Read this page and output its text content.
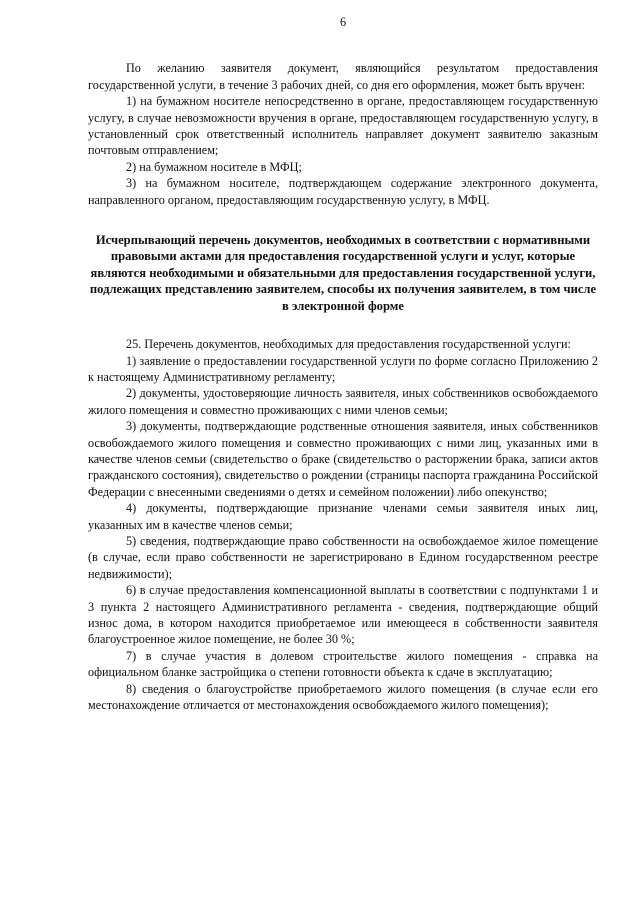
6

По желанию заявителя документ, являющийся результатом предоставления государственной услуги, в течение 3 рабочих дней, со дня его оформления, может быть вручен:

1) на бумажном носителе непосредственно в органе, предоставляющем государственную услугу, в случае невозможности вручения в органе, предоставляющем государственную услугу, в установленный срок ответственный исполнитель направляет документ заявителю заказным почтовым отправлением;

2) на бумажном носителе в МФЦ;

3) на бумажном носителе, подтверждающем содержание электронного документа, направленного органом, предоставляющим государственную услугу, в МФЦ.

Исчерпывающий перечень документов, необходимых в соответствии с нормативными правовыми актами для предоставления государственной услуги и услуг, которые являются необходимыми и обязательными для предоставления государственной услуги, подлежащих представлению заявителем, способы их получения заявителем, в том числе в электронной форме

25. Перечень документов, необходимых для предоставления государственной услуги:

1) заявление о предоставлении государственной услуги по форме согласно Приложению 2 к настоящему Административному регламенту;

2) документы, удостоверяющие личность заявителя, иных собственников освобождаемого жилого помещения и совместно проживающих с ними членов семьи;

3) документы, подтверждающие родственные отношения заявителя, иных собственников освобождаемого жилого помещения и совместно проживающих с ними лиц, указанных ими в качестве членов семьи (свидетельство о браке (свидетельство о расторжении брака, записи актов гражданского состояния), свидетельство о рождении (страницы паспорта гражданина Российской Федерации с внесенными сведениями о детях и семейном положении) либо опекунство;

4) документы, подтверждающие признание членами семьи заявителя иных лиц, указанных им в качестве членов семьи;

5) сведения, подтверждающие право собственности на освобождаемое жилое помещение (в случае, если право собственности не зарегистрировано в Едином государственном реестре недвижимости);

6) в случае предоставления компенсационной выплаты в соответствии с подпунктами 1 и 3 пункта 2 настоящего Административного регламента - сведения, подтверждающие общий износ дома, в котором находится приобретаемое или имеющееся в собственности заявителя благоустроенное жилое помещение, не более 30 %;

7) в случае участия в долевом строительстве жилого помещения - справка на официальном бланке застройщика о степени готовности объекта к сдаче в эксплуатацию;

8) сведения о благоустройстве приобретаемого жилого помещения (в случае если его местонахождение отличается от местонахождения освобождаемого жилого помещения);
